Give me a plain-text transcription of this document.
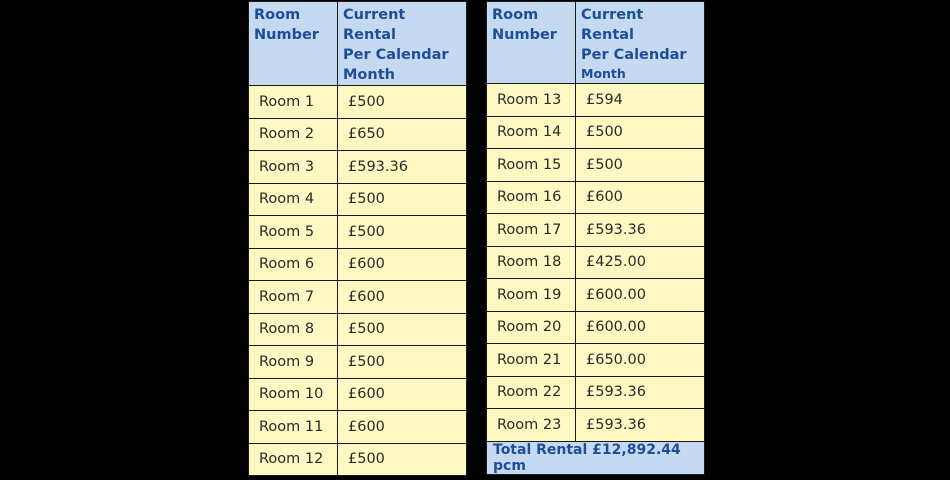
Room
Number	Current Rental
Per Calendar
Month
Room 1	£500
Room 2	£650
Room 3	£593.36
Room 4	£500
Room 5	£500
Room 6	£600
Room 7	£600
Room 8	£500
Room 9	£500
Room 10	£600
Room 11	£600
Room 12	£500
Room
Number	Current Rental
Per Calendar

Month

Room 13	£594
Room 14	£500
Room 15	£500
Room 16	£600
Room 17	£593.36
Room 18	£425.00
Room 19	£600.00
Room 20	£600.00
Room 21	£650.00
Room 22	£593.36
Room 23	£593.36
Total Rental £12,892.44 pcm	
